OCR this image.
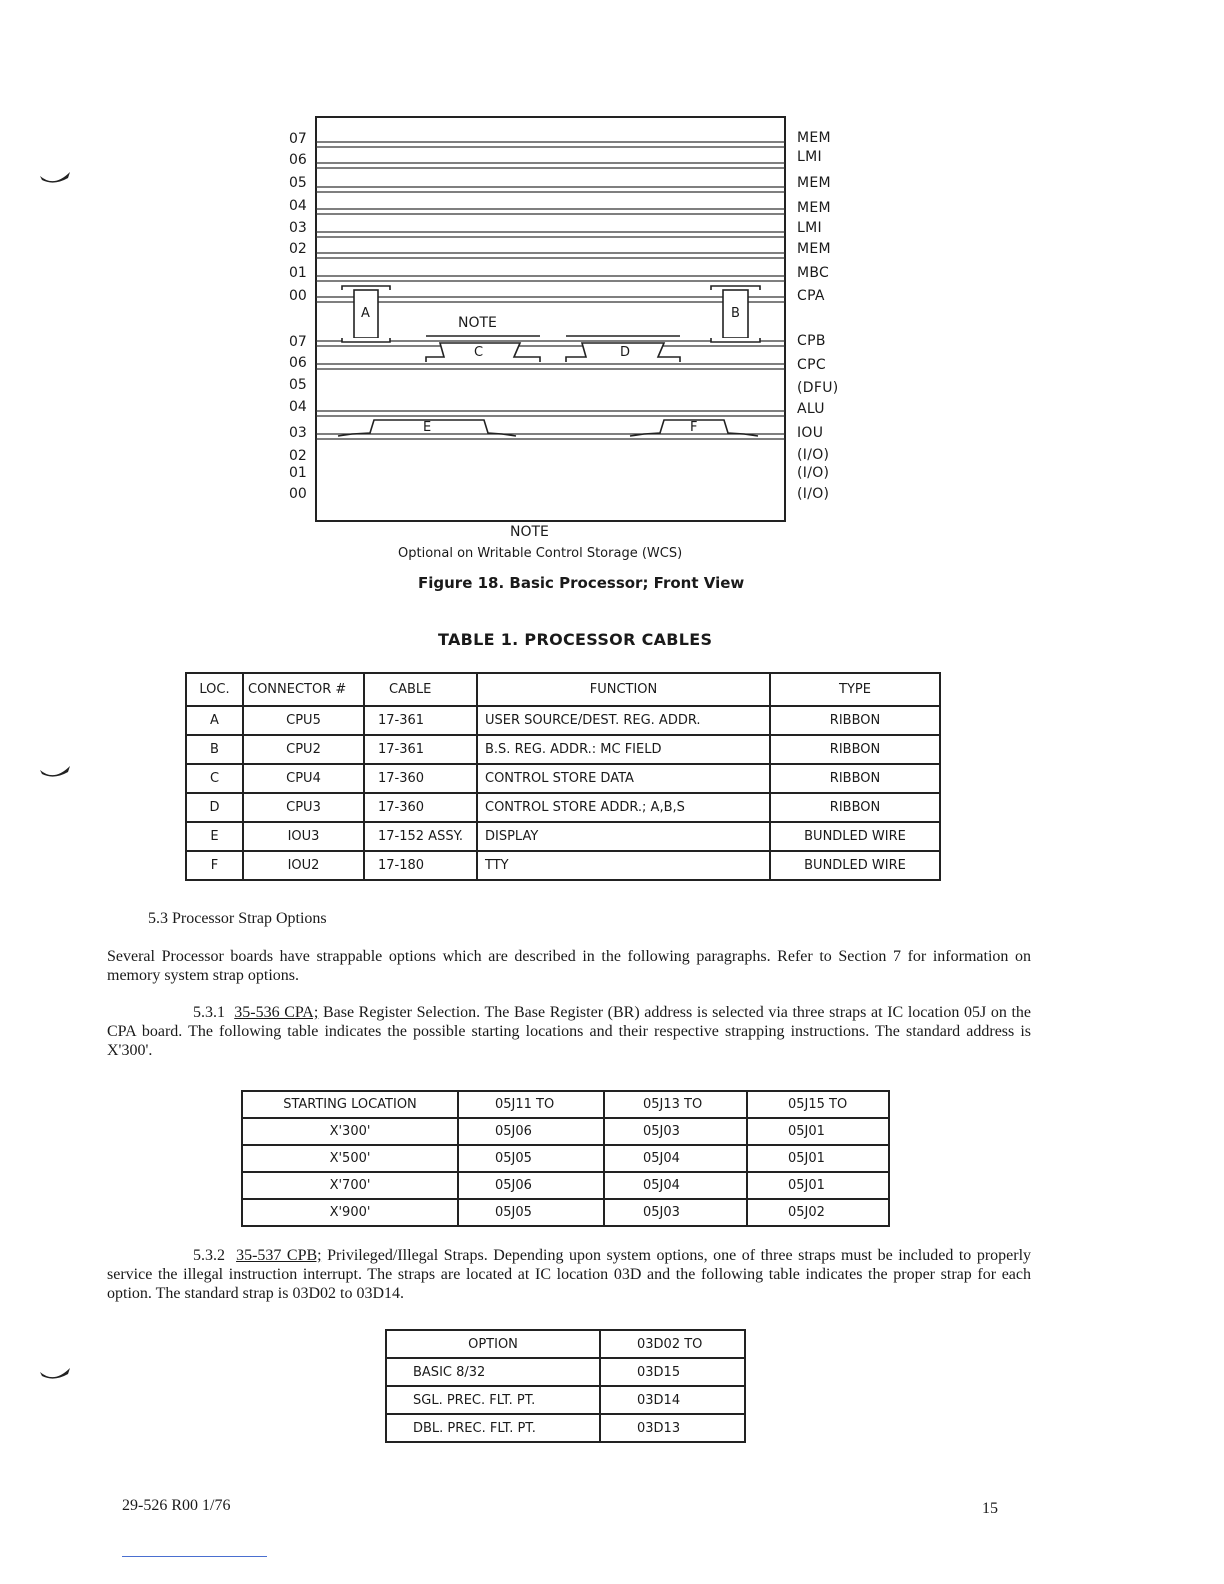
07
06
05
04
03
02
01
00
07
06
05
04
03
02
01
00
MEM
LMI
MEM
MEM
LMI
MEM
MBC
CPA
CPB
CPC
(DFU)
ALU
IOU
(I/O)
(I/O)
(I/O)
A	B
C	D
E	F
NOTE
NOTE
Optional on Writable Control Storage (WCS)
Figure 18. Basic Processor; Front View
TABLE 1. PROCESSOR CABLES
LOC.	CONNECTOR #	CABLE	FUNCTION	TYPE
A	CPU5	17-361	USER SOURCE/DEST. REG. ADDR.	RIBBON
B	CPU2	17-361	B.S. REG. ADDR.: MC FIELD	RIBBON
C	CPU4	17-360	CONTROL STORE DATA	RIBBON
D	CPU3	17-360	CONTROL STORE ADDR.; A,B,S	RIBBON
E	IOU3	17-152 ASSY.	DISPLAY	BUNDLED WIRE
F	IOU2	17-180	TTY	BUNDLED WIRE
5.3 Processor Strap Options
Several Processor boards have strappable options which are described in the following paragraphs. Refer to Section 7 for information on memory system strap options.
5.3.1 35-536 CPA; Base Register Selection. The Base Register (BR) address is selected via three straps at IC location 05J on the CPA board. The following table indicates the possible starting locations and their respective strapping instructions. The standard address is X'300'.
STARTING LOCATION	05J11 TO	05J13 TO	05J15 TO
X'300'	05J06	05J03	05J01
X'500'	05J05	05J04	05J01
X'700'	05J06	05J04	05J01
X'900'	05J05	05J03	05J02
5.3.2 35-537 CPB; Privileged/Illegal Straps. Depending upon system options, one of three straps must be included to properly service the illegal instruction interrupt. The straps are located at IC location 03D and the following table indicates the proper strap for each option. The standard strap is 03D02 to 03D14.
OPTION	03D02 TO
BASIC 8/32	03D15
SGL. PREC. FLT. PT.	03D14
DBL. PREC. FLT. PT.	03D13
29-526 R00 1/76	15
